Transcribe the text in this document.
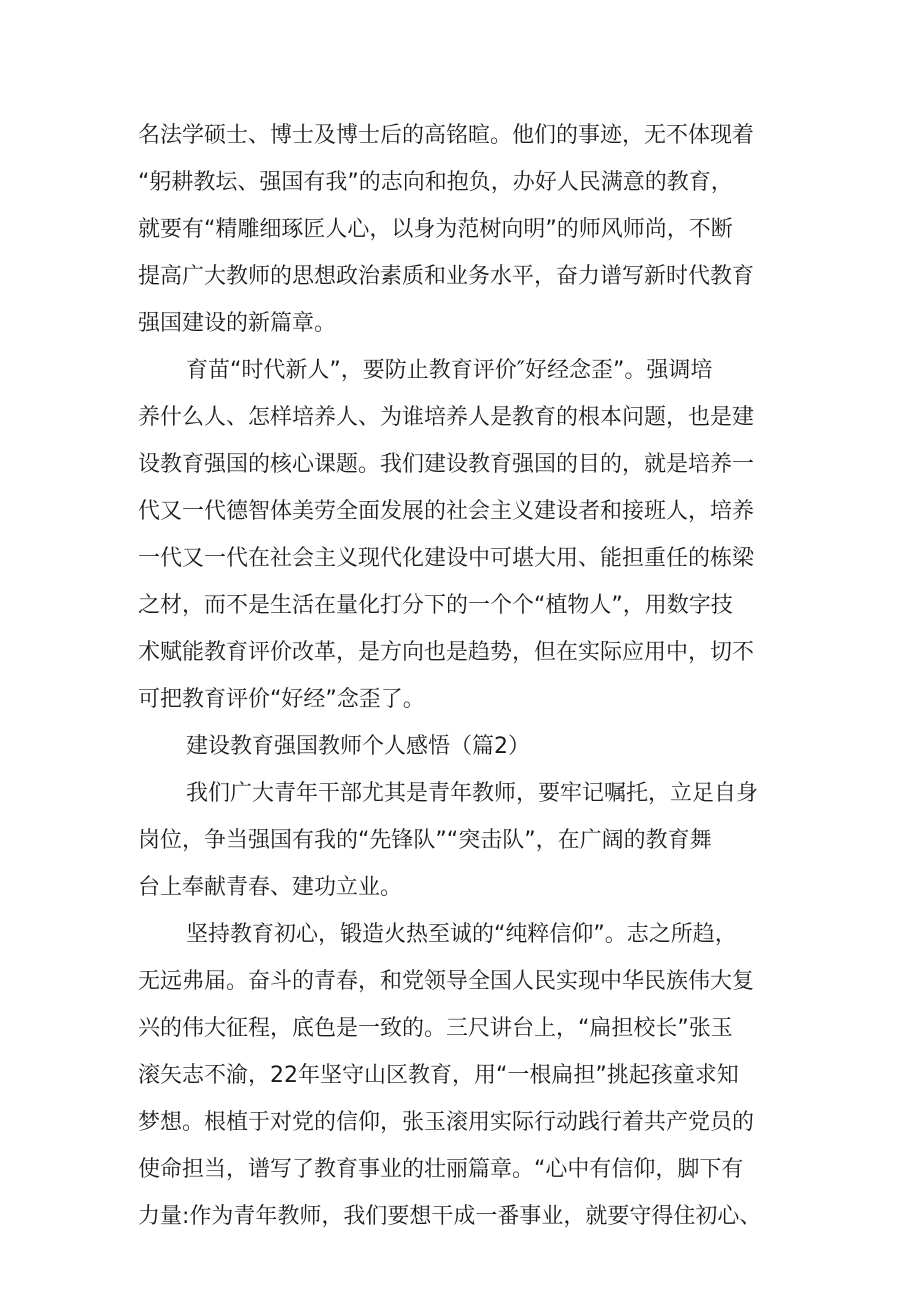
名法学硕士、博士及博士后的高铭暄。他们的事迹，无不体现着

“躬耕教坛、强国有我”的志向和抱负，办好人民满意的教育，

就要有“精雕细琢匠人心，以身为范树向明”的师风师尚，不断

提高广大教师的思想政治素质和业务水平，奋力谱写新时代教育

强国建设的新篇章。

育苗“时代新人”，要防止教育评价″好经念歪”。强调培

养什么人、怎样培养人、为谁培养人是教育的根本问题，也是建

设教育强国的核心课题。我们建设教育强国的目的，就是培养一

代又一代德智体美劳全面发展的社会主义建设者和接班人，培养

一代又一代在社会主义现代化建设中可堪大用、能担重任的栋梁

之材，而不是生活在量化打分下的一个个“植物人”，用数字技

术赋能教育评价改革，是方向也是趋势，但在实际应用中，切不

可把教育评价“好经”念歪了。

建设教育强国教师个人感悟（篇2）

我们广大青年干部尤其是青年教师，要牢记嘱托，立足自身

岗位，争当强国有我的“先锋队”“突击队”，在广阔的教育舞

台上奉献青春、建功立业。

坚持教育初心，锻造火热至诚的“纯粹信仰”。志之所趋，

无远弗届。奋斗的青春，和党领导全国人民实现中华民族伟大复

兴的伟大征程，底色是一致的。三尺讲台上，“扁担校长”张玉

滚矢志不渝，22年坚守山区教育，用“一根扁担”挑起孩童求知

梦想。根植于对党的信仰，张玉滚用实际行动践行着共产党员的

使命担当，谱写了教育事业的壮丽篇章。“心中有信仰，脚下有

力量:作为青年教师，我们要想干成一番事业，就要守得住初心、
